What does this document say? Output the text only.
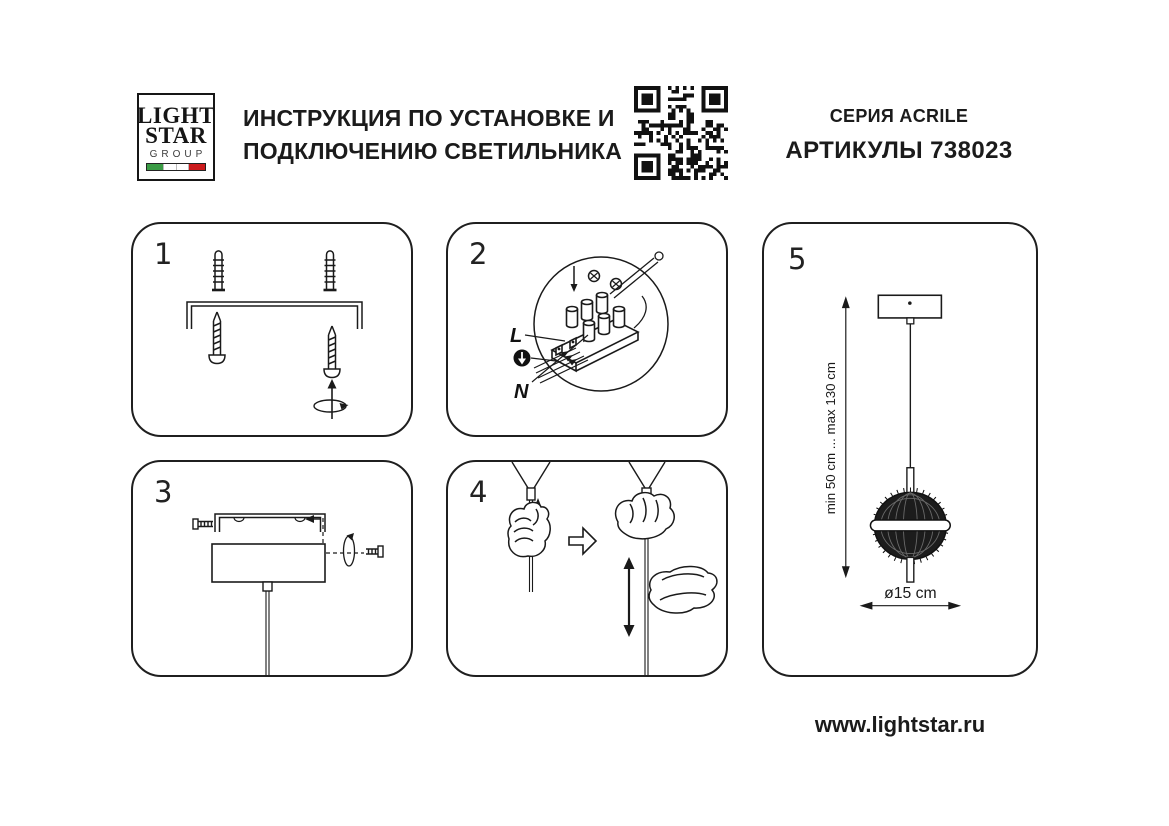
LIGHT
STAR
GROUP
ИНСТРУКЦИЯ ПО УСТАНОВКЕ И
ПОДКЛЮЧЕНИЮ СВЕТИЛЬНИКА
СЕРИЯ ACRILE
АРТИКУЛЫ 738023
1	2
L
N
3	4
5
min 50 cm ... max 130 cm
ø15 cm
www.lightstar.ru
